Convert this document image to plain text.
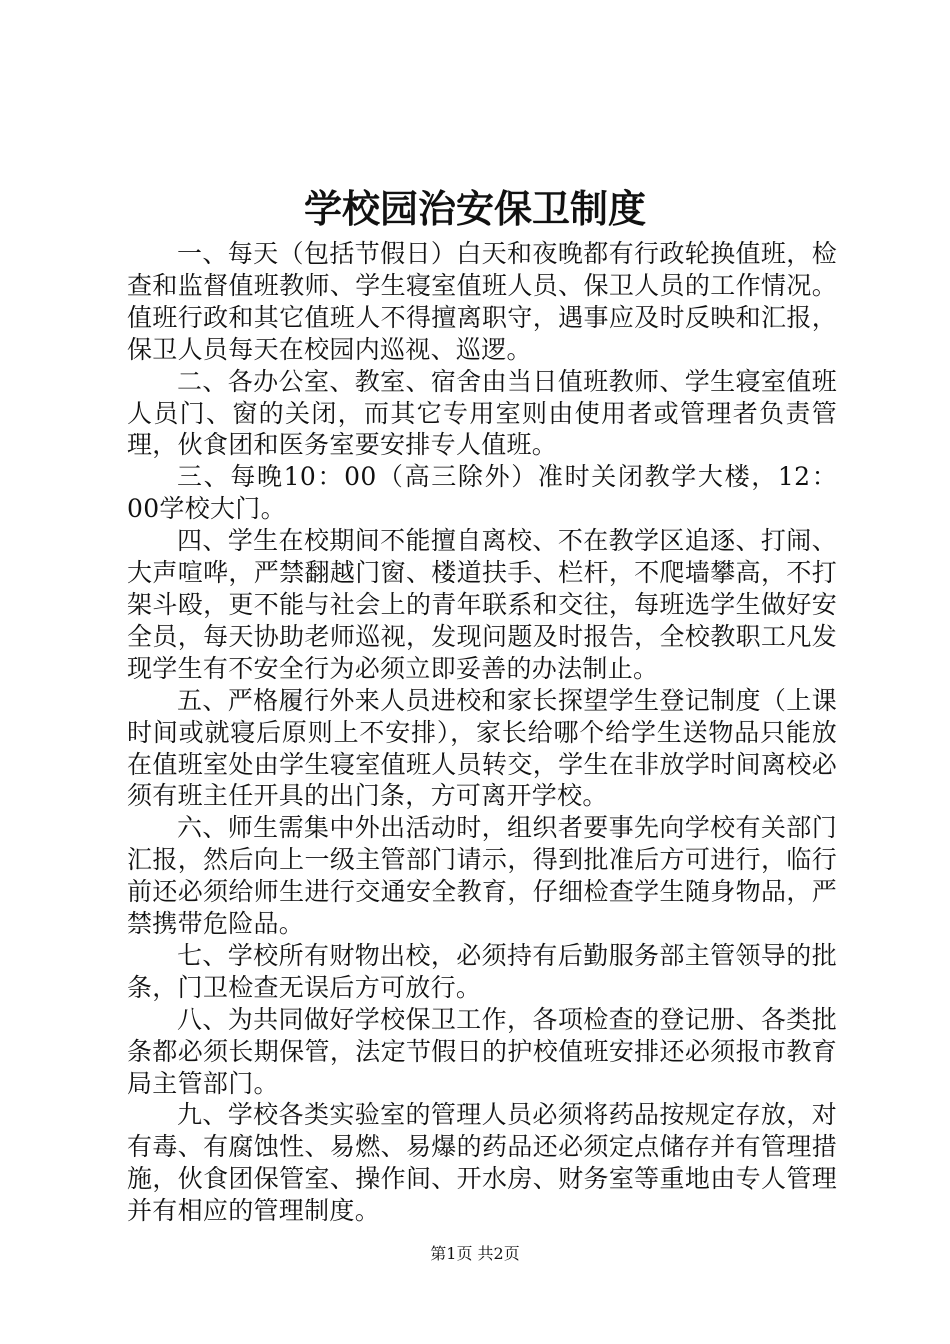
学校园治安保卫制度

一、每天（包括节假日）白天和夜晚都有行政轮换值班，检查和监督值班教师、学生寝室值班人员、保卫人员的工作情况。值班行政和其它值班人不得擅离职守，遇事应及时反映和汇报，保卫人员每天在校园内巡视、巡逻。

二、各办公室、教室、宿舍由当日值班教师、学生寝室值班人员门、窗的关闭，而其它专用室则由使用者或管理者负责管理，伙食团和医务室要安排专人值班。

三、每晚10：00（高三除外）准时关闭教学大楼，12：00学校大门。

四、学生在校期间不能擅自离校、不在教学区追逐、打闹、大声喧哗，严禁翻越门窗、楼道扶手、栏杆，不爬墙攀高，不打架斗殴，更不能与社会上的青年联系和交往，每班选学生做好安全员，每天协助老师巡视，发现问题及时报告，全校教职工凡发现学生有不安全行为必须立即妥善的办法制止。

五、严格履行外来人员进校和家长探望学生登记制度（上课时间或就寝后原则上不安排），家长给哪个给学生送物品只能放在值班室处由学生寝室值班人员转交，学生在非放学时间离校必须有班主任开具的出门条，方可离开学校。

六、师生需集中外出活动时，组织者要事先向学校有关部门汇报，然后向上一级主管部门请示，得到批准后方可进行，临行前还必须给师生进行交通安全教育，仔细检查学生随身物品，严禁携带危险品。

七、学校所有财物出校，必须持有后勤服务部主管领导的批条，门卫检查无误后方可放行。

八、为共同做好学校保卫工作，各项检查的登记册、各类批条都必须长期保管，法定节假日的护校值班安排还必须报市教育局主管部门。

九、学校各类实验室的管理人员必须将药品按规定存放，对有毒、有腐蚀性、易燃、易爆的药品还必须定点储存并有管理措施，伙食团保管室、操作间、开水房、财务室等重地由专人管理并有相应的管理制度。

第1页 共2页
